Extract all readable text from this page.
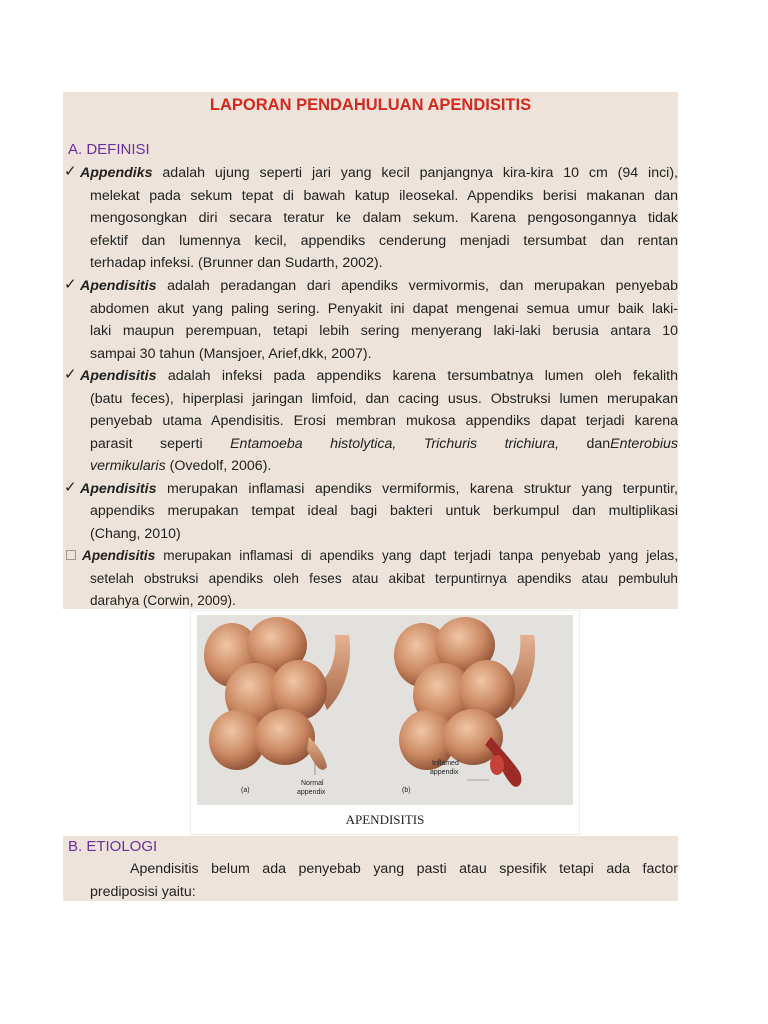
LAPORAN PENDAHULUAN APENDISITIS
A. DEFINISI
✓ Appendiks adalah ujung seperti jari yang kecil panjangnya kira-kira 10 cm (94 inci),
melekat pada sekum tepat di bawah katup ileosekal. Appendiks berisi makanan dan
mengosongkan diri secara teratur ke dalam sekum. Karena pengosongannya tidak
efektif dan lumennya kecil, appendiks cenderung menjadi tersumbat dan rentan
terhadap infeksi. (Brunner dan Sudarth, 2002).
✓ Apendisitis adalah peradangan dari apendiks vermivormis, dan merupakan penyebab
abdomen akut yang paling sering. Penyakit ini dapat mengenai semua umur baik laki-
laki maupun perempuan, tetapi lebih sering menyerang laki-laki berusia antara 10
sampai 30 tahun (Mansjoer, Arief,dkk, 2007).
✓ Apendisitis adalah infeksi pada appendiks karena tersumbatnya lumen oleh fekalith
(batu feces), hiperplasi jaringan limfoid, dan cacing usus. Obstruksi lumen merupakan
penyebab utama Apendisitis. Erosi membran mukosa appendiks dapat terjadi karena
parasit seperti Entamoeba histolytica, Trichuris trichiura, danEnterobius
vermikularis (Ovedolf, 2006).
✓ Apendisitis merupakan inflamasi apendiks vermiformis, karena struktur yang terpuntir,
appendiks merupakan tempat ideal bagi bakteri untuk berkumpul dan multiplikasi
(Chang, 2010)
Apendisitis merupakan inflamasi di apendiks yang dapt terjadi tanpa penyebab yang jelas,
setelah obstruksi apendiks oleh feses atau akibat terpuntirnya apendiks atau pembuluh
darahya (Corwin, 2009).
Normal
appendix
(a)
Inflamed
appendix
(b)
APENDISITIS
B. ETIOLOGI
Apendisitis belum ada penyebab yang pasti atau spesifik tetapi ada factor
prediposisi yaitu:
